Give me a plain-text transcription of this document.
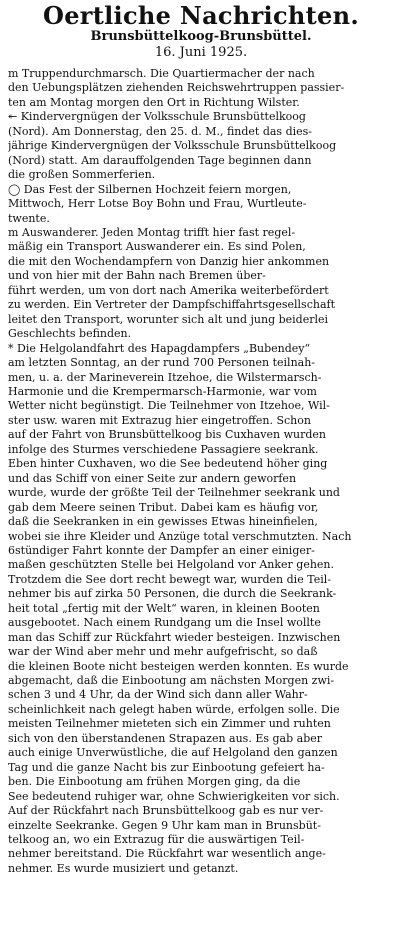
Oertliche Nachrichten.
Brunsbüttelkoog-Brunsbüttel.
16. Juni 1925.
m Truppendurchmarsch. Die Quartiermacher der nach
den Uebungsplätzen ziehenden Reichswehrtruppen passier-
ten am Montag morgen den Ort in Richtung Wilster.
↞ Kindervergnügen der Volksschule Brunsbüttelkoog
(Nord). Am Donnerstag, den 25. d. M., findet das dies-
jährige Kindervergnügen der Volksschule Brunsbüttelkoog
(Nord) statt. Am darauffolgenden Tage beginnen dann
die großen Sommerferien.
◯ Das Fest der Silbernen Hochzeit feiern morgen,
Mittwoch, Herr Lotse Boy Bohn und Frau, Wurtleute-
twente.
m Auswanderer. Jeden Montag trifft hier fast regel-
mäßig ein Transport Auswanderer ein. Es sind Polen,
die mit den Wochendampfern von Danzig hier ankommen
und von hier mit der Bahn nach Bremen über-
führt werden, um von dort nach Amerika weiterbefördert
zu werden. Ein Vertreter der Dampfschiffahrtsgesellschaft
leitet den Transport, worunter sich alt und jung beiderlei
Geschlechts befinden.
* Die Helgolandfahrt des Hapagdampfers „Bubendey“
am letzten Sonntag, an der rund 700 Personen teilnah-
men, u. a. der Marineverein Itzehoe, die Wilstermarsch-
Harmonie und die Krempermarsch-Harmonie, war vom
Wetter nicht begünstigt. Die Teilnehmer von Itzehoe, Wil-
ster usw. waren mit Extrazug hier eingetroffen. Schon
auf der Fahrt von Brunsbüttelkoog bis Cuxhaven wurden
infolge des Sturmes verschiedene Passagiere seekrank.
Eben hinter Cuxhaven, wo die See bedeutend höher ging
und das Schiff von einer Seite zur andern geworfen
wurde, wurde der größte Teil der Teilnehmer seekrank und
gab dem Meere seinen Tribut. Dabei kam es häufig vor,
daß die Seekranken in ein gewisses Etwas hineinfielen,
wobei sie ihre Kleider und Anzüge total verschmutzten. Nach
6stündiger Fahrt konnte der Dampfer an einer einiger-
maßen geschützten Stelle bei Helgoland vor Anker gehen.
Trotzdem die See dort recht bewegt war, wurden die Teil-
nehmer bis auf zirka 50 Personen, die durch die Seekrank-
heit total „fertig mit der Welt“ waren, in kleinen Booten
ausgebootet. Nach einem Rundgang um die Insel wollte
man das Schiff zur Rückfahrt wieder besteigen. Inzwischen
war der Wind aber mehr und mehr aufgefrischt, so daß
die kleinen Boote nicht besteigen werden konnten. Es wurde
abgemacht, daß die Einbootung am nächsten Morgen zwi-
schen 3 und 4 Uhr, da der Wind sich dann aller Wahr-
scheinlichkeit nach gelegt haben würde, erfolgen solle. Die
meisten Teilnehmer mieteten sich ein Zimmer und ruhten
sich von den überstandenen Strapazen aus. Es gab aber
auch einige Unverwüstliche, die auf Helgoland den ganzen
Tag und die ganze Nacht bis zur Einbootung gefeiert ha-
ben. Die Einbootung am frühen Morgen ging, da die
See bedeutend ruhiger war, ohne Schwierigkeiten vor sich.
Auf der Rückfahrt nach Brunsbüttelkoog gab es nur ver-
einzelte Seekranke. Gegen 9 Uhr kam man in Brunsbüt-
telkoog an, wo ein Extrazug für die auswärtigen Teil-
nehmer bereitstand. Die Rückfahrt war wesentlich ange-
nehmer. Es wurde musiziert und getanzt.
